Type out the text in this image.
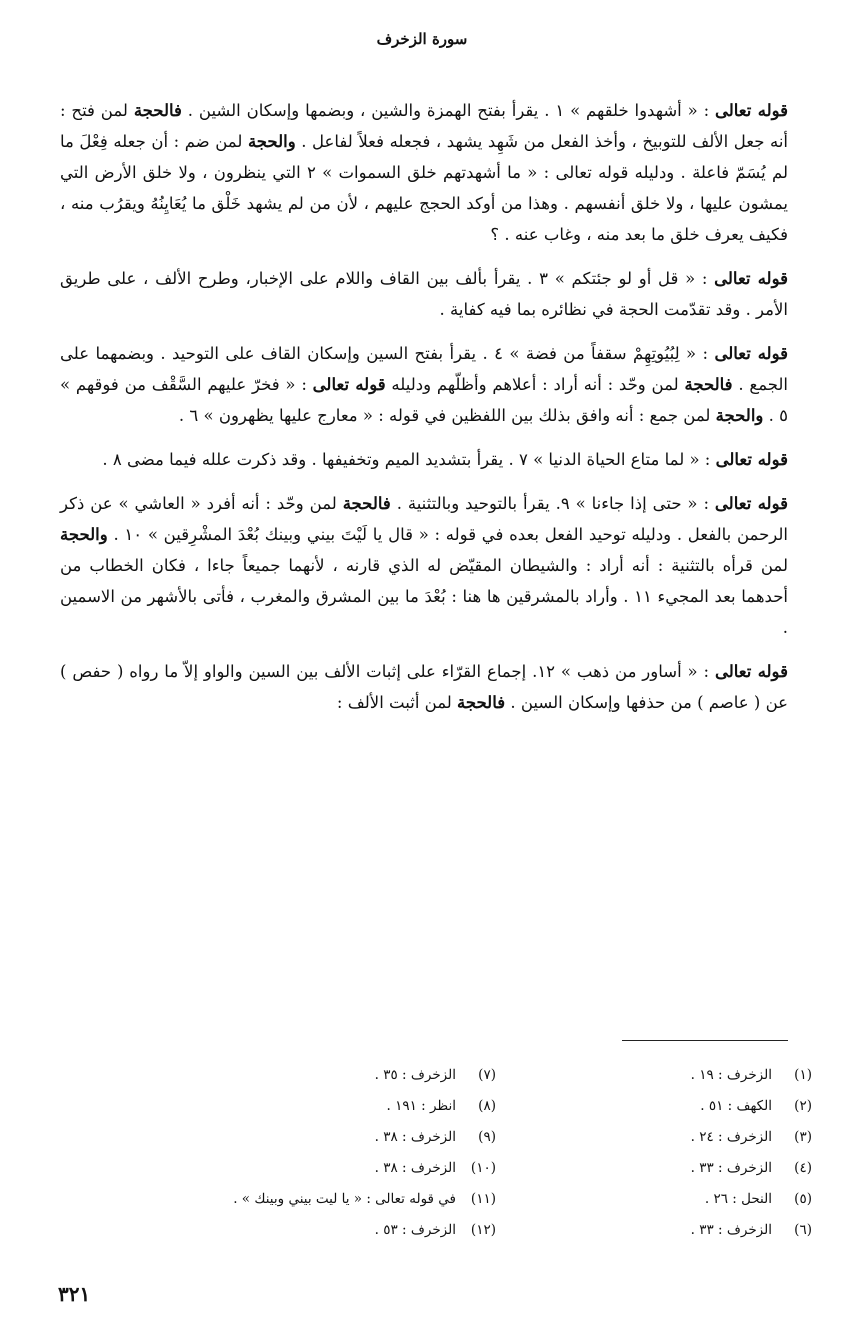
سورة الزخرف

قوله تعالى : « أشهدوا خلقهم » ١ . يقرأ بفتح الهمزة والشين ، وبضمها وإسكان الشين . فالحجة لمن فتح : أنه جعل الألف للتوبيخ ، وأخذ الفعل من شَهِد يشهد ، فجعله فعلاً لفاعل . والحجة لمن ضم : أن جعله فِعْلَ ما لم يُسَمّ فاعلة . ودليله قوله تعالى : « ما أشهدتهم خلق السموات » ٢ التي ينظرون ، ولا خلق الأرض التي يمشون عليها ، ولا خلق أنفسهم . وهذا من أوكد الحجج عليهم ، لأن من لم يشهد خَلْق ما يُعَايِنُهُ ويقرُب منه ، فكيف يعرف خلق ما بعد منه ، وغاب عنه . ؟

قوله تعالى : « قل أو لو جئتكم » ٣ . يقرأ بألف بين القاف واللام على الإخبار، وطرح الألف ، على طريق الأمر . وقد تقدّمت الحجة في نظائره بما فيه كفاية .

قوله تعالى : « لِبُيُوتِهِمْ سقفاً من فضة » ٤ . يقرأ بفتح السين وإسكان القاف على التوحيد . وبضمهما على الجمع . فالحجة لمن وحّد : أنه أراد : أعلاهم وأظلّهم ودليله قوله تعالى : « فخرّ عليهم السَّقْف من فوقهم » ٥ . والحجة لمن جمع : أنه وافق بذلك بين اللفظين في قوله : « معارج عليها يظهرون » ٦ .

قوله تعالى : « لما متاع الحياة الدنيا » ٧ . يقرأ بتشديد الميم وتخفيفها . وقد ذكرت علله فيما مضى ٨ .

قوله تعالى : « حتى إذا جاءنا » ٩. يقرأ بالتوحيد وبالتثنية . فالحجة لمن وحّد : أنه أفرد « العاشي » عن ذكر الرحمن بالفعل . ودليله توحيد الفعل بعده في قوله : « قال يا لَيْتَ بيني وبينك بُعْدَ المشْرِقين » ١٠ . والحجة لمن قرأه بالتثنية : أنه أراد : والشيطان المقيّض له الذي قارنه ، لأنهما جميعاً جاءا ، فكان الخطاب من أحدهما بعد المجيء ١١ . وأراد بالمشرقين ها هنا : بُعْدَ ما بين المشرق والمغرب ، فأتى بالأشهر من الاسمين .

قوله تعالى : « أساور من ذهب » ١٢. إجماع القرّاء على إثبات الألف بين السين والواو إلاّ ما رواه ( حفص ) عن ( عاصم ) من حذفها وإسكان السين . فالحجة لمن أثبت الألف :

(١)
الزخرف : ١٩ .
(٢)
الكهف : ٥١ .
(٣)
الزخرف : ٢٤ .
(٤)
الزخرف : ٣٣ .
(٥)
النحل : ٢٦ .
(٦)
الزخرف : ٣٣ .
(٧)
الزخرف : ٣٥ .
(٨)
انظر : ١٩١ .
(٩)
الزخرف : ٣٨ .
(١٠)
الزخرف : ٣٨ .
(١١)
في قوله تعالى : « يا ليت بيني وبينك » .
(١٢)
الزخرف : ٥٣ .
٣٢١
